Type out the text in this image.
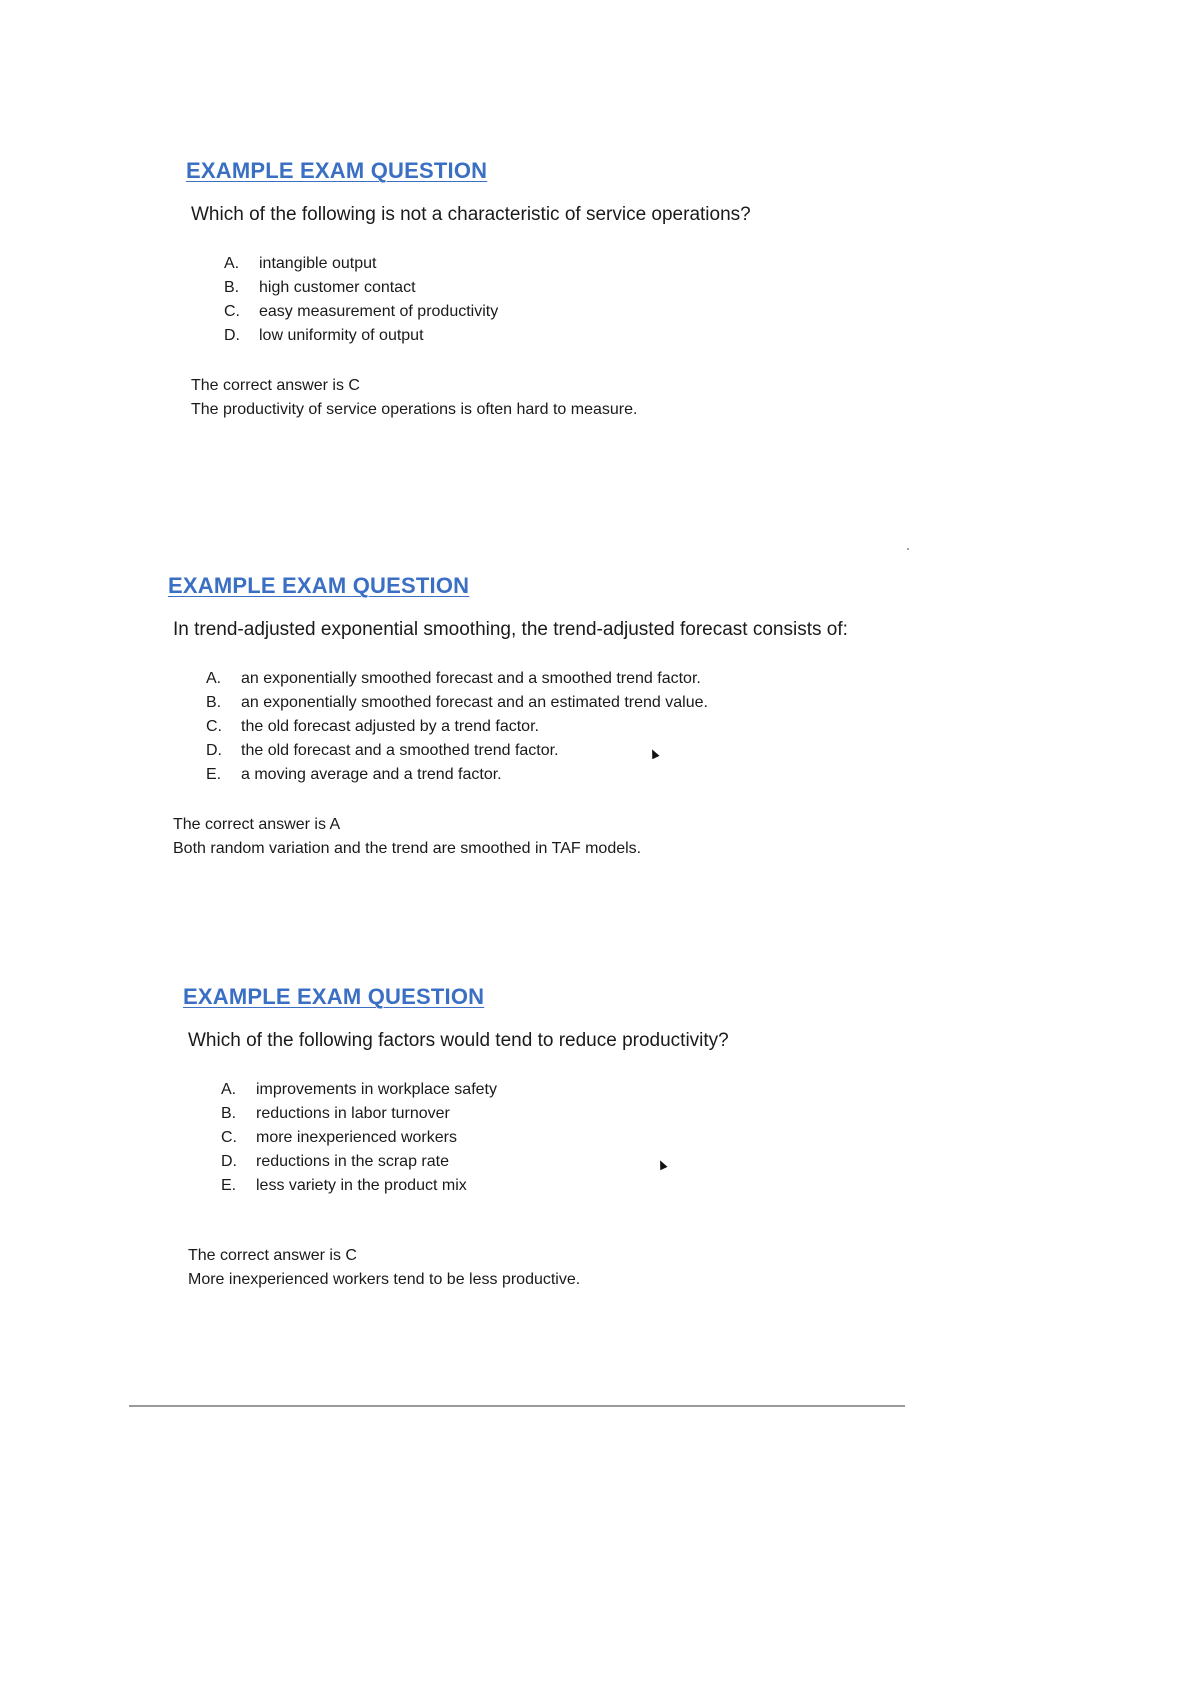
EXAMPLE EXAM QUESTION

Which of the following is not a characteristic of service operations?

A.	intangible output
B.	high customer contact
C.	easy measurement of productivity
D.	low uniformity of output
The correct answer is C
The productivity of service operations is often hard to measure.
EXAMPLE EXAM QUESTION

In trend-adjusted exponential smoothing, the trend-adjusted forecast consists of:

A.	an exponentially smoothed forecast and a smoothed trend factor.
B.	an exponentially smoothed forecast and an estimated trend value.
C.	the old forecast adjusted by a trend factor.
D.	the old forecast and a smoothed trend factor.
E.	a moving average and a trend factor.
The correct answer is A
Both random variation and the trend are smoothed in TAF models.
EXAMPLE EXAM QUESTION

Which of the following factors would tend to reduce productivity?

A.	improvements in workplace safety
B.	reductions in labor turnover
C.	more inexperienced workers
D.	reductions in the scrap rate
E.	less variety in the product mix
The correct answer is C
More inexperienced workers tend to be less productive.
